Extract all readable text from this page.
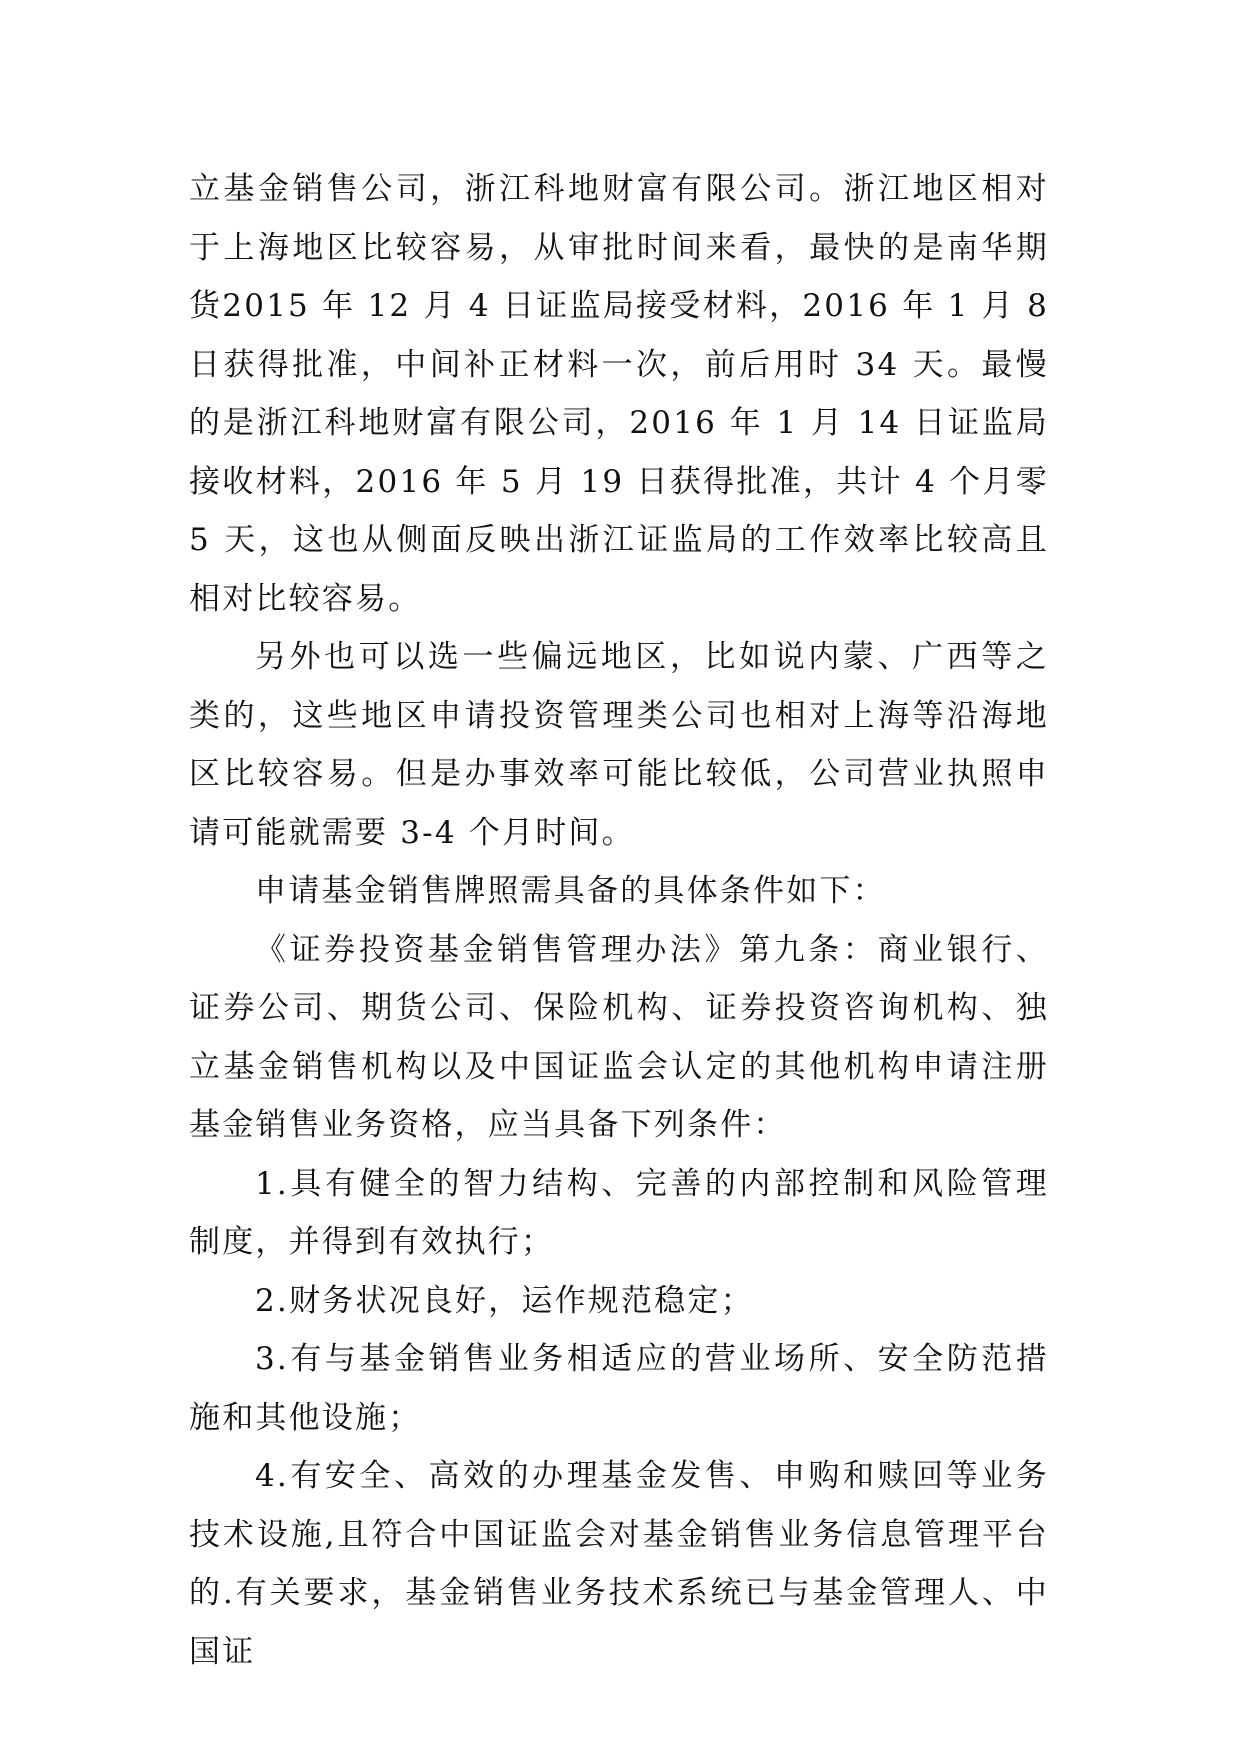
立基金销售公司，浙江科地财富有限公司。浙江地区相对于上海地区比较容易，从审批时间来看，最快的是南华期货2015 年 12 月 4 日证监局接受材料，2016 年 1 月 8 日获得批准，中间补正材料一次，前后用时 34 天。最慢的是浙江科地财富有限公司，2016 年 1 月 14 日证监局接收材料，2016 年 5 月 19 日获得批准，共计 4 个月零 5 天，这也从侧面反映出浙江证监局的工作效率比较高且相对比较容易。

另外也可以选一些偏远地区，比如说内蒙、广西等之类的，这些地区申请投资管理类公司也相对上海等沿海地区比较容易。但是办事效率可能比较低，公司营业执照申请可能就需要 3-4 个月时间。

申请基金销售牌照需具备的具体条件如下：

《证券投资基金销售管理办法》第九条：商业银行、证券公司、期货公司、保险机构、证券投资咨询机构、独立基金销售机构以及中国证监会认定的其他机构申请注册基金销售业务资格，应当具备下列条件：

1.具有健全的智力结构、完善的内部控制和风险管理制度，并得到有效执行；

2.财务状况良好，运作规范稳定；

3.有与基金销售业务相适应的营业场所、安全防范措施和其他设施；

4.有安全、高效的办理基金发售、申购和赎回等业务技术设施,且符合中国证监会对基金销售业务信息管理平台的.有关要求，基金销售业务技术系统已与基金管理人、中国证
